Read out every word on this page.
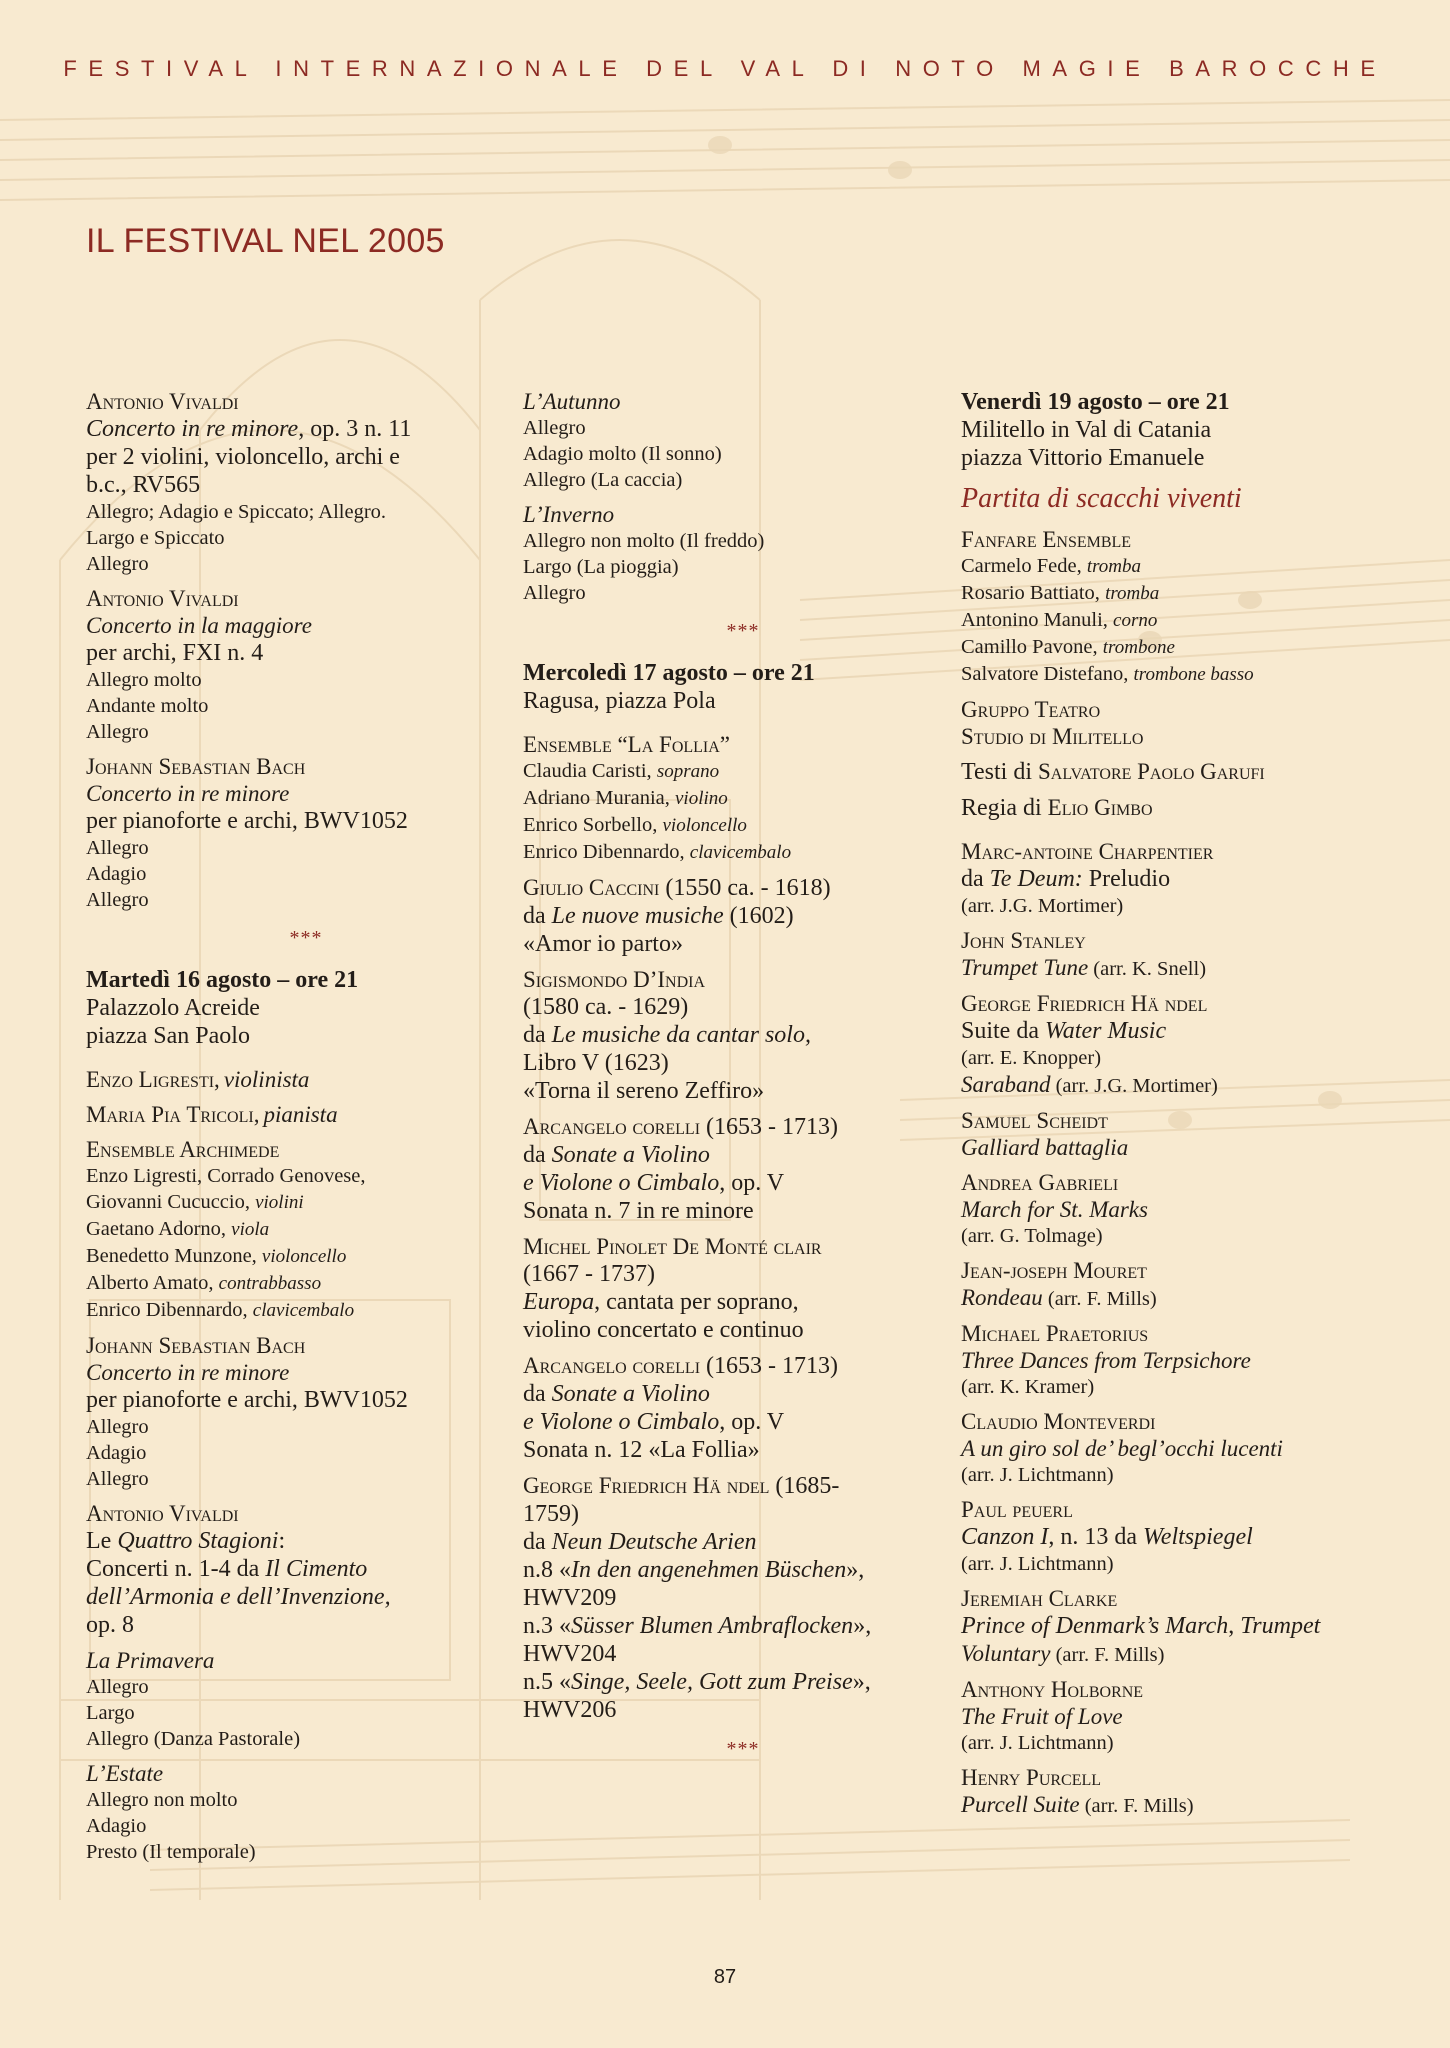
FESTIVAL INTERNAZIONALE DEL VAL DI NOTO MAGIE BAROCCHE
IL FESTIVAL NEL 2005
Antonio Vivaldi
Concerto in re minore, op. 3 n. 11
per 2 violini, violoncello, archi e
b.c., RV565
Allegro; Adagio e Spiccato; Allegro.
Largo e Spiccato
Allegro
Antonio Vivaldi
Concerto in la maggiore
per archi, FXI n. 4
Allegro molto
Andante molto
Allegro
Johann Sebastian Bach
Concerto in re minore
per pianoforte e archi, BWV1052
Allegro
Adagio
Allegro
***
Martedì 16 agosto – ore 21
Palazzolo Acreide
piazza San Paolo
Enzo Ligresti, violinista
Maria Pia Tricoli, pianista
Ensemble Archimede
Enzo Ligresti, Corrado Genovese,
Giovanni Cucuccio, violini
Gaetano Adorno, viola
Benedetto Munzone, violoncello
Alberto Amato, contrabbasso
Enrico Dibennardo, clavicembalo
Johann Sebastian Bach
Concerto in re minore
per pianoforte e archi, BWV1052
Allegro
Adagio
Allegro
Antonio Vivaldi
Le Quattro Stagioni:
Concerti n. 1-4 da Il Cimento
dell’Armonia e dell’Invenzione,
op. 8
La Primavera
Allegro
Largo
Allegro (Danza Pastorale)
L’Estate
Allegro non molto
Adagio
Presto (Il temporale)
L’Autunno
Allegro
Adagio molto (Il sonno)
Allegro (La caccia)
L’Inverno
Allegro non molto (Il freddo)
Largo (La pioggia)
Allegro
***
Mercoledì 17 agosto – ore 21
Ragusa, piazza Pola
Ensemble “La Follia”
Claudia Caristi, soprano
Adriano Murania, violino
Enrico Sorbello, violoncello
Enrico Dibennardo, clavicembalo
Giulio Caccini (1550 ca. - 1618)
da Le nuove musiche (1602)
«Amor io parto»
Sigismondo D’India
(1580 ca. - 1629)
da Le musiche da cantar solo,
Libro V (1623)
«Torna il sereno Zeffiro»
Arcangelo corelli (1653 - 1713)
da Sonate a Violino
e Violone o Cimbalo, op. V
Sonata n. 7 in re minore
Michel Pinolet De Monté clair
(1667 - 1737)
Europa, cantata per soprano,
violino concertato e continuo
Arcangelo corelli (1653 - 1713)
da Sonate a Violino
e Violone o Cimbalo, op. V
Sonata n. 12 «La Follia»
George Friedrich Hä ndel (1685-
1759)
da Neun Deutsche Arien
n.8 «In den angenehmen Büschen»,
HWV209
n.3 «Süsser Blumen Ambraflocken»,
HWV204
n.5 «Singe, Seele, Gott zum Preise»,
HWV206
***
Venerdì 19 agosto – ore 21
Militello in Val di Catania
piazza Vittorio Emanuele
Partita di scacchi viventi
Fanfare Ensemble
Carmelo Fede, tromba
Rosario Battiato, tromba
Antonino Manuli, corno
Camillo Pavone, trombone
Salvatore Distefano, trombone basso
Gruppo Teatro
Studio di Militello
Testi di Salvatore Paolo Garufi
Regia di Elio Gimbo
Marc-antoine Charpentier
da Te Deum: Preludio
(arr. J.G. Mortimer)
John Stanley
Trumpet Tune (arr. K. Snell)
George Friedrich Hä ndel
Suite da Water Music
(arr. E. Knopper)
Saraband (arr. J.G. Mortimer)
Samuel Scheidt
Galliard battaglia
Andrea Gabrieli
March for St. Marks
(arr. G. Tolmage)
Jean-joseph Mouret
Rondeau (arr. F. Mills)
Michael Praetorius
Three Dances from Terpsichore
(arr. K. Kramer)
Claudio Monteverdi
A un giro sol de’ begl’occhi lucenti
(arr. J. Lichtmann)
Paul peuerl
Canzon I, n. 13 da Weltspiegel
(arr. J. Lichtmann)
Jeremiah Clarke
Prince of Denmark’s March, Trumpet
Voluntary (arr. F. Mills)
Anthony Holborne
The Fruit of Love
(arr. J. Lichtmann)
Henry Purcell
Purcell Suite (arr. F. Mills)
87
